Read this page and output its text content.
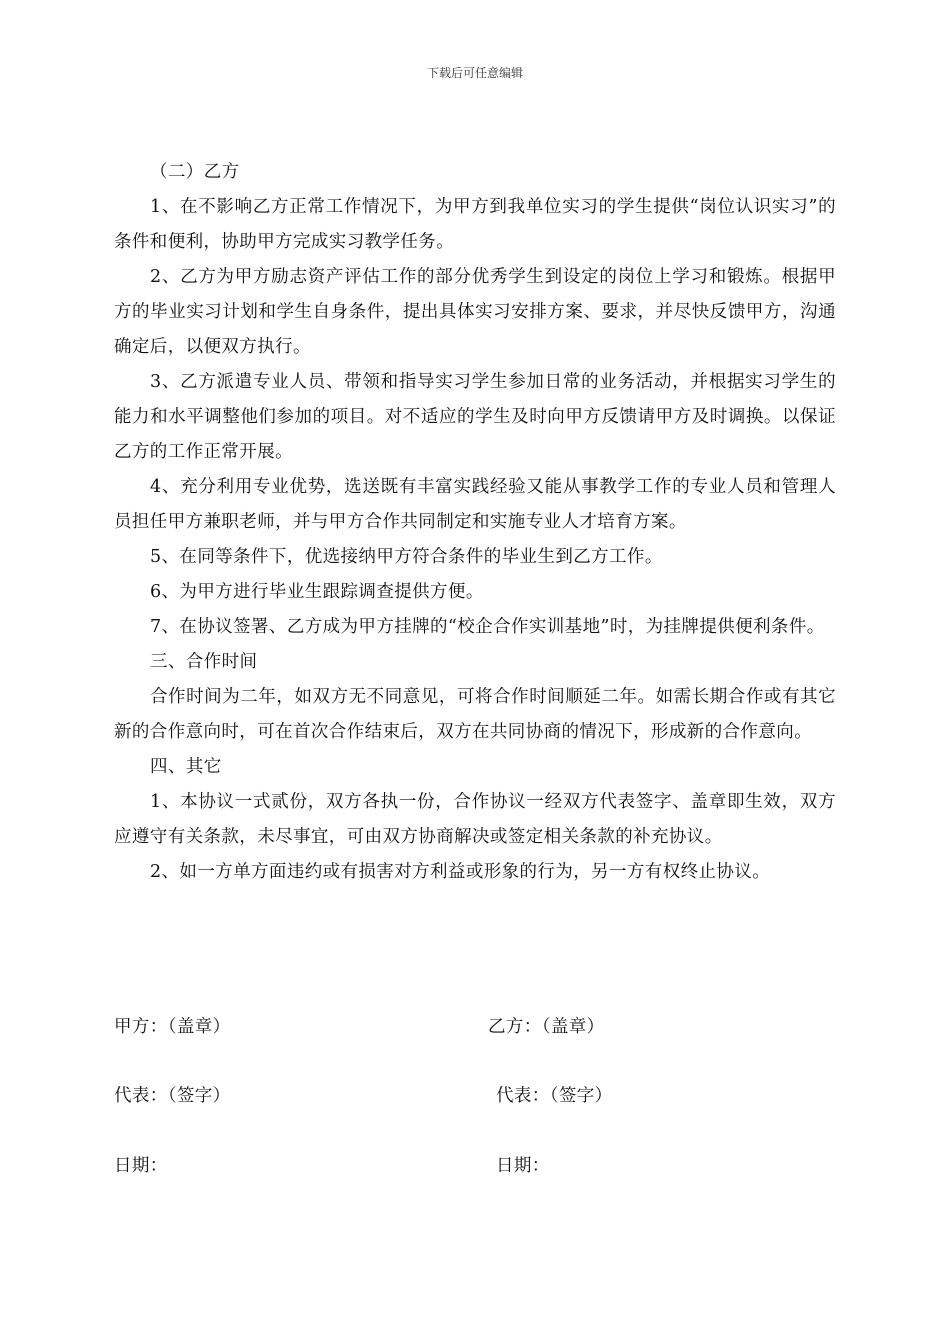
下载后可任意编辑

（二）乙方

1、在不影响乙方正常工作情况下，为甲方到我单位实习的学生提供“岗位认识实习”的条件和便利，协助甲方完成实习教学任务。

2、乙方为甲方励志资产评估工作的部分优秀学生到设定的岗位上学习和锻炼。根据甲方的毕业实习计划和学生自身条件，提出具体实习安排方案、要求，并尽快反馈甲方，沟通确定后，以便双方执行。

3、乙方派遣专业人员、带领和指导实习学生参加日常的业务活动，并根据实习学生的能力和水平调整他们参加的项目。对不适应的学生及时向甲方反馈请甲方及时调换。以保证乙方的工作正常开展。

4、充分利用专业优势，选送既有丰富实践经验又能从事教学工作的专业人员和管理人员担任甲方兼职老师，并与甲方合作共同制定和实施专业人才培育方案。

5、在同等条件下，优选接纳甲方符合条件的毕业生到乙方工作。

6、为甲方进行毕业生跟踪调查提供方便。

7、在协议签署、乙方成为甲方挂牌的“校企合作实训基地”时，为挂牌提供便利条件。

三、合作时间

合作时间为二年，如双方无不同意见，可将合作时间顺延二年。如需长期合作或有其它新的合作意向时，可在首次合作结束后，双方在共同协商的情况下，形成新的合作意向。

四、其它

1、本协议一式贰份，双方各执一份，合作协议一经双方代表签字、盖章即生效，双方应遵守有关条款，未尽事宜，可由双方协商解决或签定相关条款的补充协议。

2、如一方单方面违约或有损害对方利益或形象的行为，另一方有权终止协议。

甲方：（盖章）	乙方：（盖章）
代表：（签字）	代表：（签字）
日期：	日期：
